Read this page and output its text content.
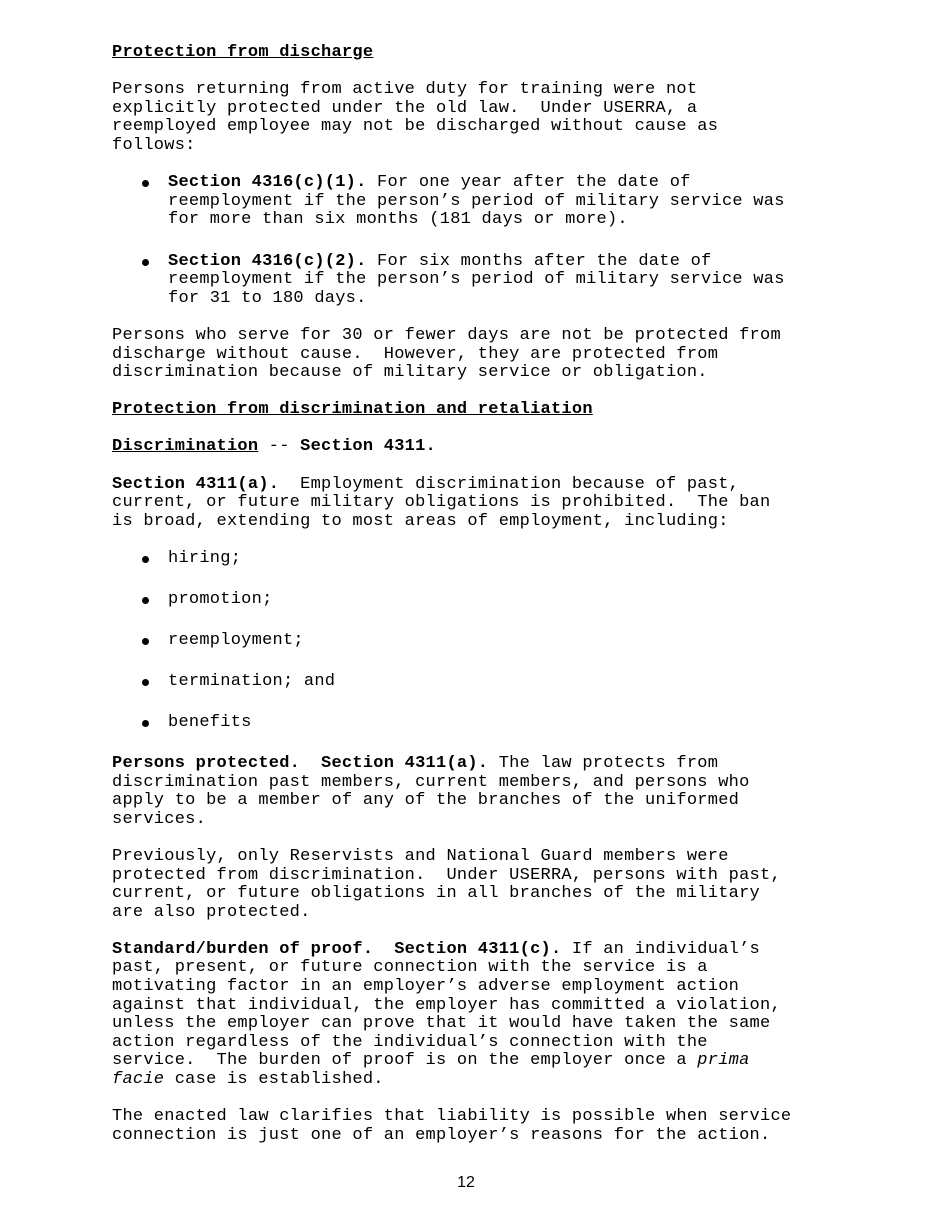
Protection from discharge
Persons returning from active duty for training were not
explicitly protected under the old law.  Under USERRA, a
reemployed employee may not be discharged without cause as
follows:
Section 4316(c)(1). For one year after the date of
reemployment if the person’s period of military service was
for more than six months (181 days or more).
Section 4316(c)(2). For six months after the date of
reemployment if the person’s period of military service was
for 31 to 180 days.
Persons who serve for 30 or fewer days are not be protected from
discharge without cause.  However, they are protected from
discrimination because of military service or obligation.
Protection from discrimination and retaliation
Discrimination -- Section 4311.
Section 4311(a).  Employment discrimination because of past,
current, or future military obligations is prohibited.  The ban
is broad, extending to most areas of employment, including:
hiring;
promotion;
reemployment;
termination; and
benefits
Persons protected.  Section 4311(a). The law protects from
discrimination past members, current members, and persons who
apply to be a member of any of the branches of the uniformed
services.
Previously, only Reservists and National Guard members were
protected from discrimination.  Under USERRA, persons with past,
current, or future obligations in all branches of the military
are also protected.
Standard/burden of proof.  Section 4311(c). If an individual’s
past, present, or future connection with the service is a
motivating factor in an employer’s adverse employment action
against that individual, the employer has committed a violation,
unless the employer can prove that it would have taken the same
action regardless of the individual’s connection with the
service.  The burden of proof is on the employer once a prima
facie case is established.
The enacted law clarifies that liability is possible when service
connection is just one of an employer’s reasons for the action.
12
